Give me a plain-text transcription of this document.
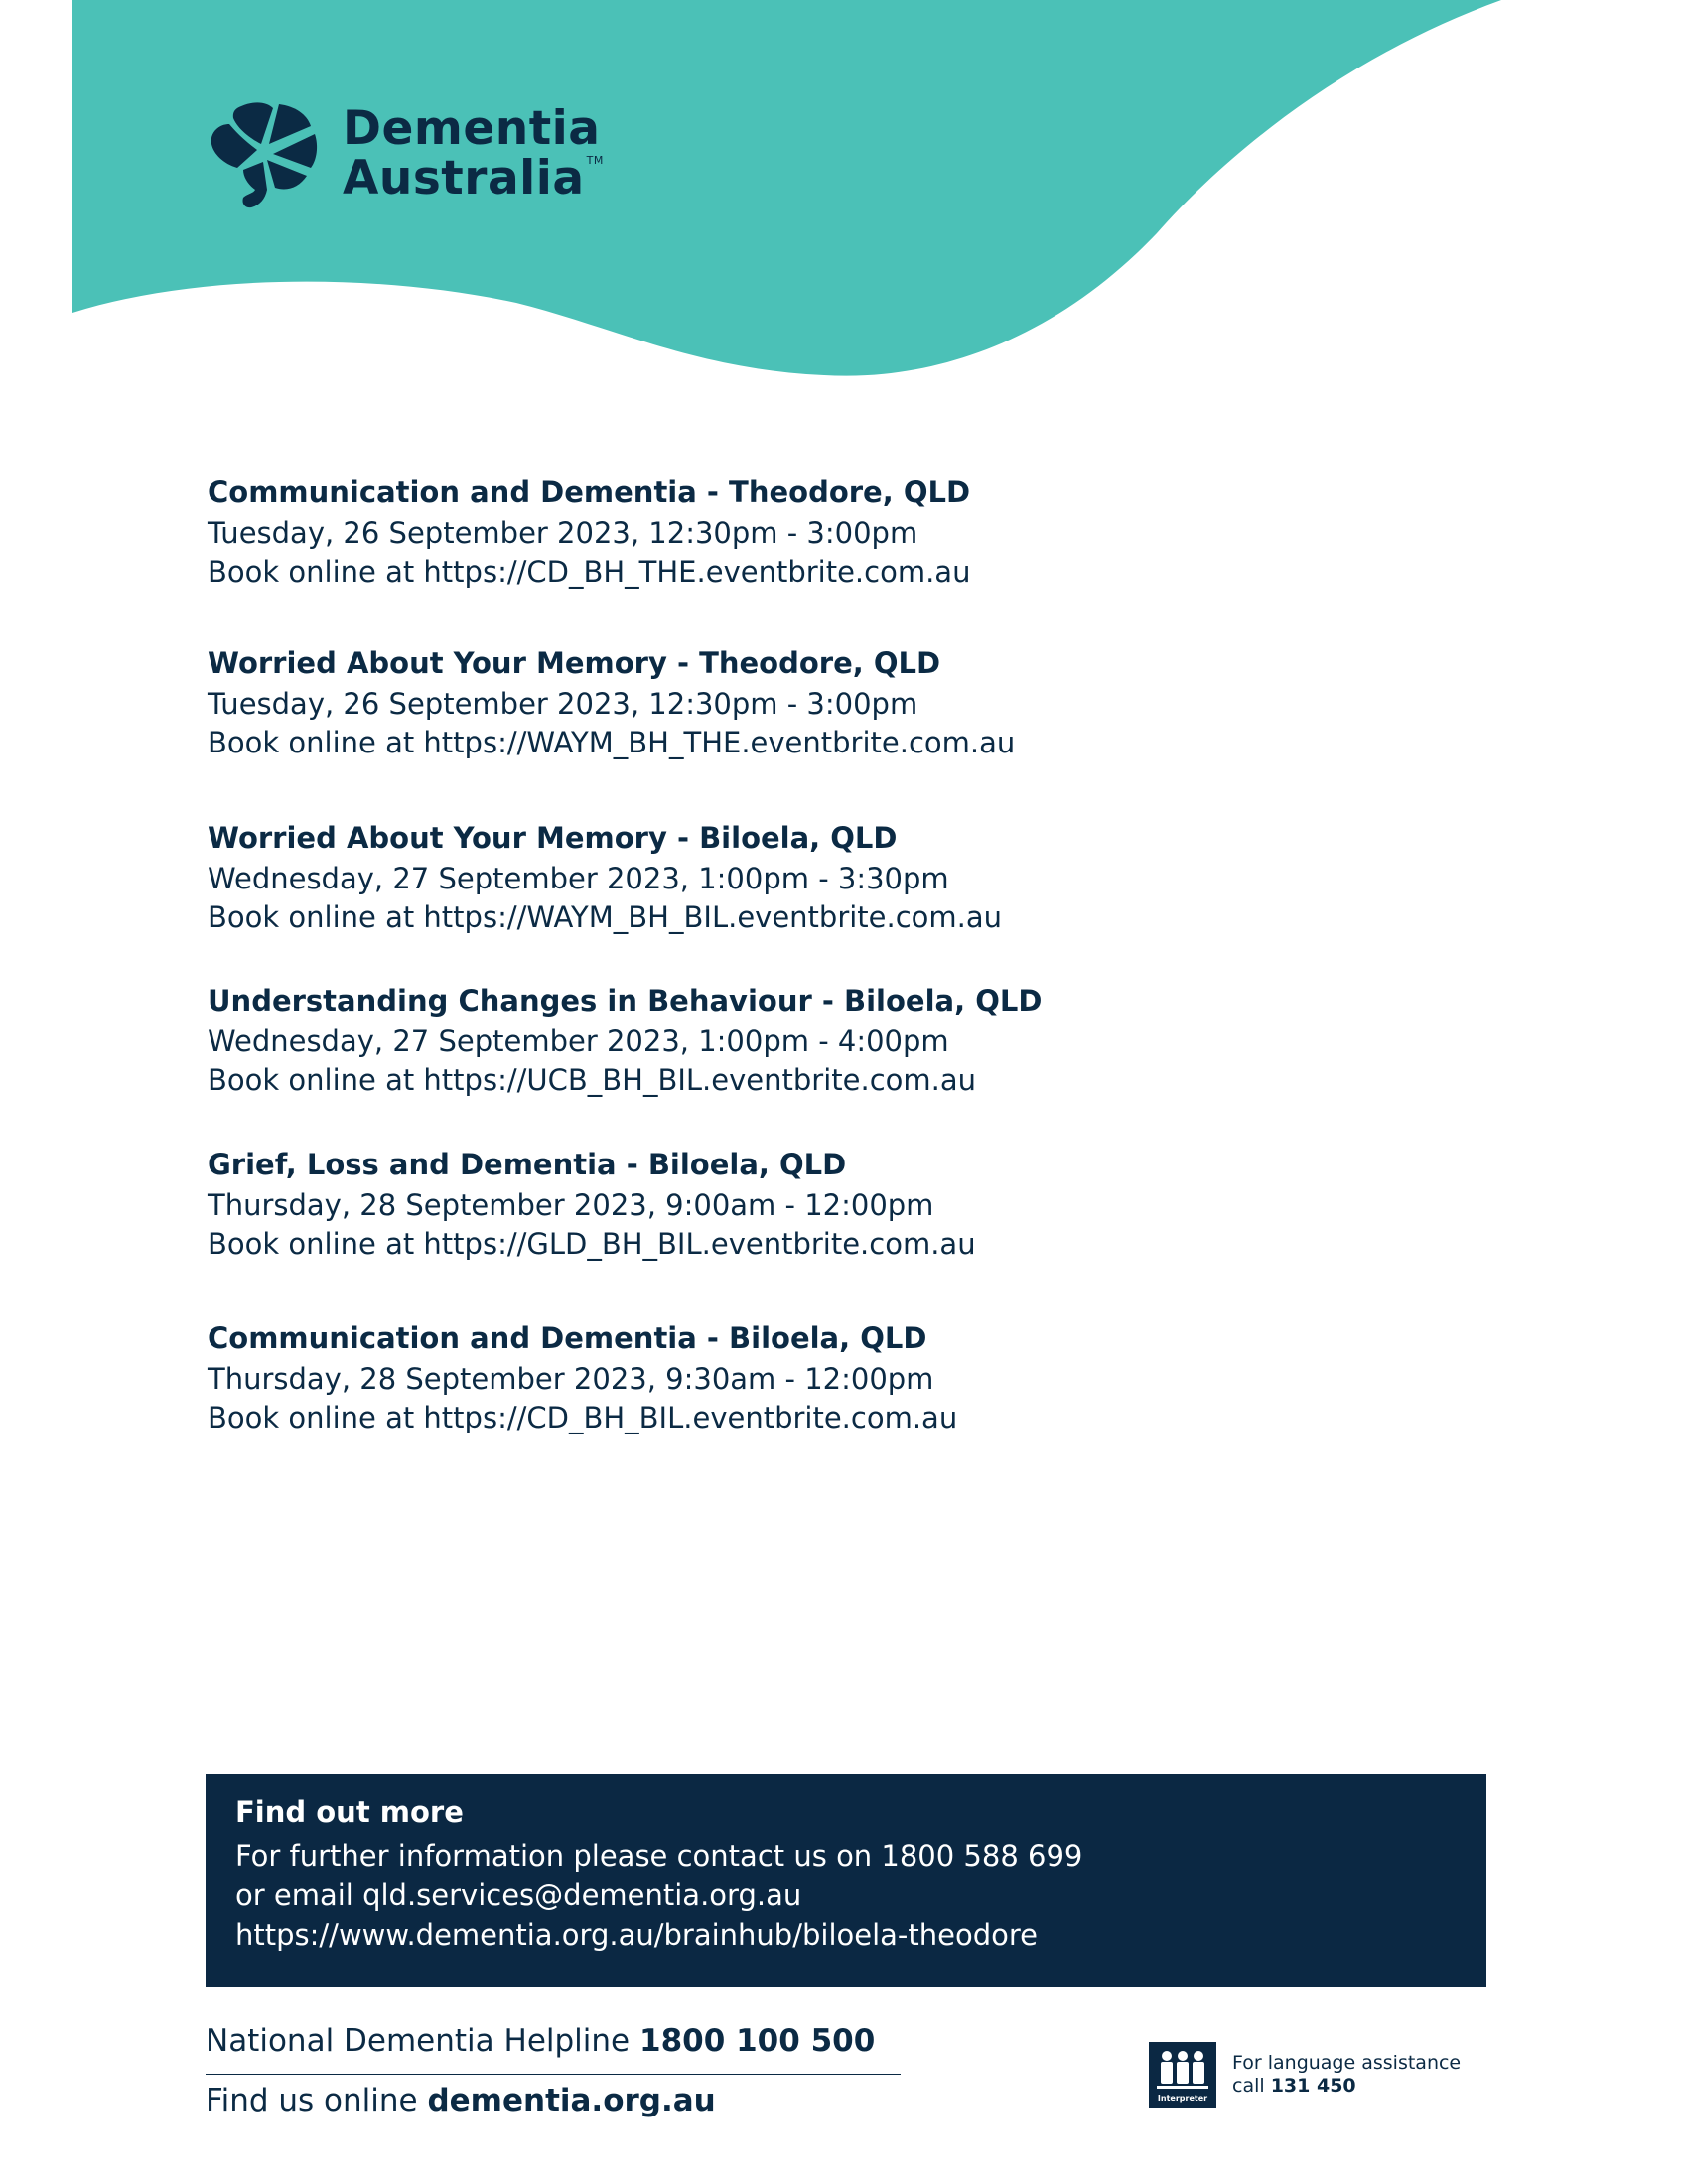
Dementia
Australia ™
Communication and Dementia - Theodore, QLD
Tuesday, 26 September 2023, 12:30pm - 3:00pm
Book online at https://CD_BH_THE.eventbrite.com.au
Worried About Your Memory - Theodore, QLD
Tuesday, 26 September 2023, 12:30pm - 3:00pm
Book online at https://WAYM_BH_THE.eventbrite.com.au
Worried About Your Memory - Biloela, QLD
Wednesday, 27 September 2023, 1:00pm - 3:30pm
Book online at https://WAYM_BH_BIL.eventbrite.com.au
Understanding Changes in Behaviour - Biloela, QLD
Wednesday, 27 September 2023, 1:00pm - 4:00pm
Book online at https://UCB_BH_BIL.eventbrite.com.au
Grief, Loss and Dementia - Biloela, QLD
Thursday, 28 September 2023, 9:00am - 12:00pm
Book online at https://GLD_BH_BIL.eventbrite.com.au
Communication and Dementia - Biloela, QLD
Thursday, 28 September 2023, 9:30am - 12:00pm
Book online at https://CD_BH_BIL.eventbrite.com.au
Find out more
For further information please contact us on 1800 588 699
or email qld.services@dementia.org.au
https://www.dementia.org.au/brainhub/biloela-theodore
National Dementia Helpline 1800 100 500
Find us online dementia.org.au	Interpreter
For language assistance
call 131 450
